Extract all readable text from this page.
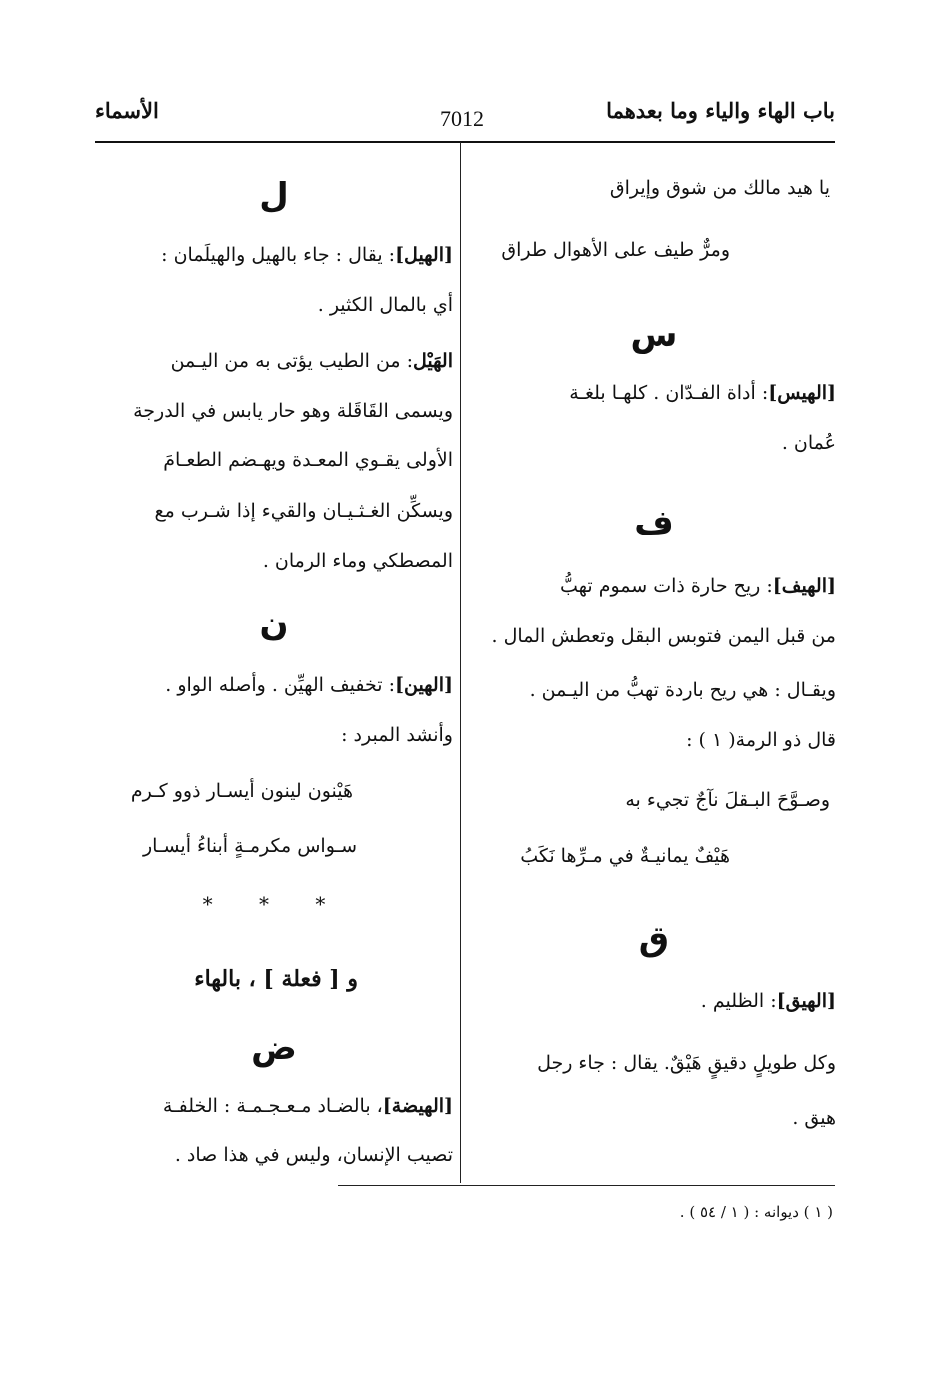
باب الهاء والياء وما بعدهما
7012
الأسماء
يا هيد مالك من شوق وإيراق
ومرٌّ طيف على الأهوال طراق
س
[الهيس]: أداة الفـدّان . كلهـا بلغـة
عُمان .
ف
[الهيف]: ريح حارة ذات سموم تهبُّ
من قبل اليمن فتوبس البقل وتعطش المال .
ويقـال : هي ريح باردة تهبُّ من اليـمن .
قال ذو الرمة( ١ ) :
وصـوَّحَ البـقلَ نآجٌ تجيء به
هَيْفٌ يمانيـةٌ في مـرِّها نَكَبُ
ق
[الهيق]: الظليم .
وكل طويلٍ دقيقٍ هَيْقٌ. يقال : جاء رجل
هيق .
ل
[الهيل]: يقال : جاء بالهيل والهيلَمان :
أي بالمال الكثير .
الهَيْل: من الطيب يؤتى به من اليـمن
ويسمى القَاقَلة وهو حار يابس في الدرجة
الأولى يقـوي المعـدة ويهـضم الطعـامَ
ويسكِّن الغـثـيـان والقيء إذا شـرب مع
المصطكي وماء الرمان .
ن
[الهين]: تخفيف الهيِّن . وأصله الواو .
وأنشد المبرد :
هَيْنون لينون أيسـار ذوو كـرم
سـواس مكرمـةٍ أبناءُ أيسـار
* * *
و [ فعلة ] ، بالهاء
ض
[الهيضة]، بالضـاد مـعـجـمـة : الخلفـة
تصيب الإنسان، وليس في هذا صاد .
( ١ ) ديوانه : ( ١ / ٥٤ ) .
